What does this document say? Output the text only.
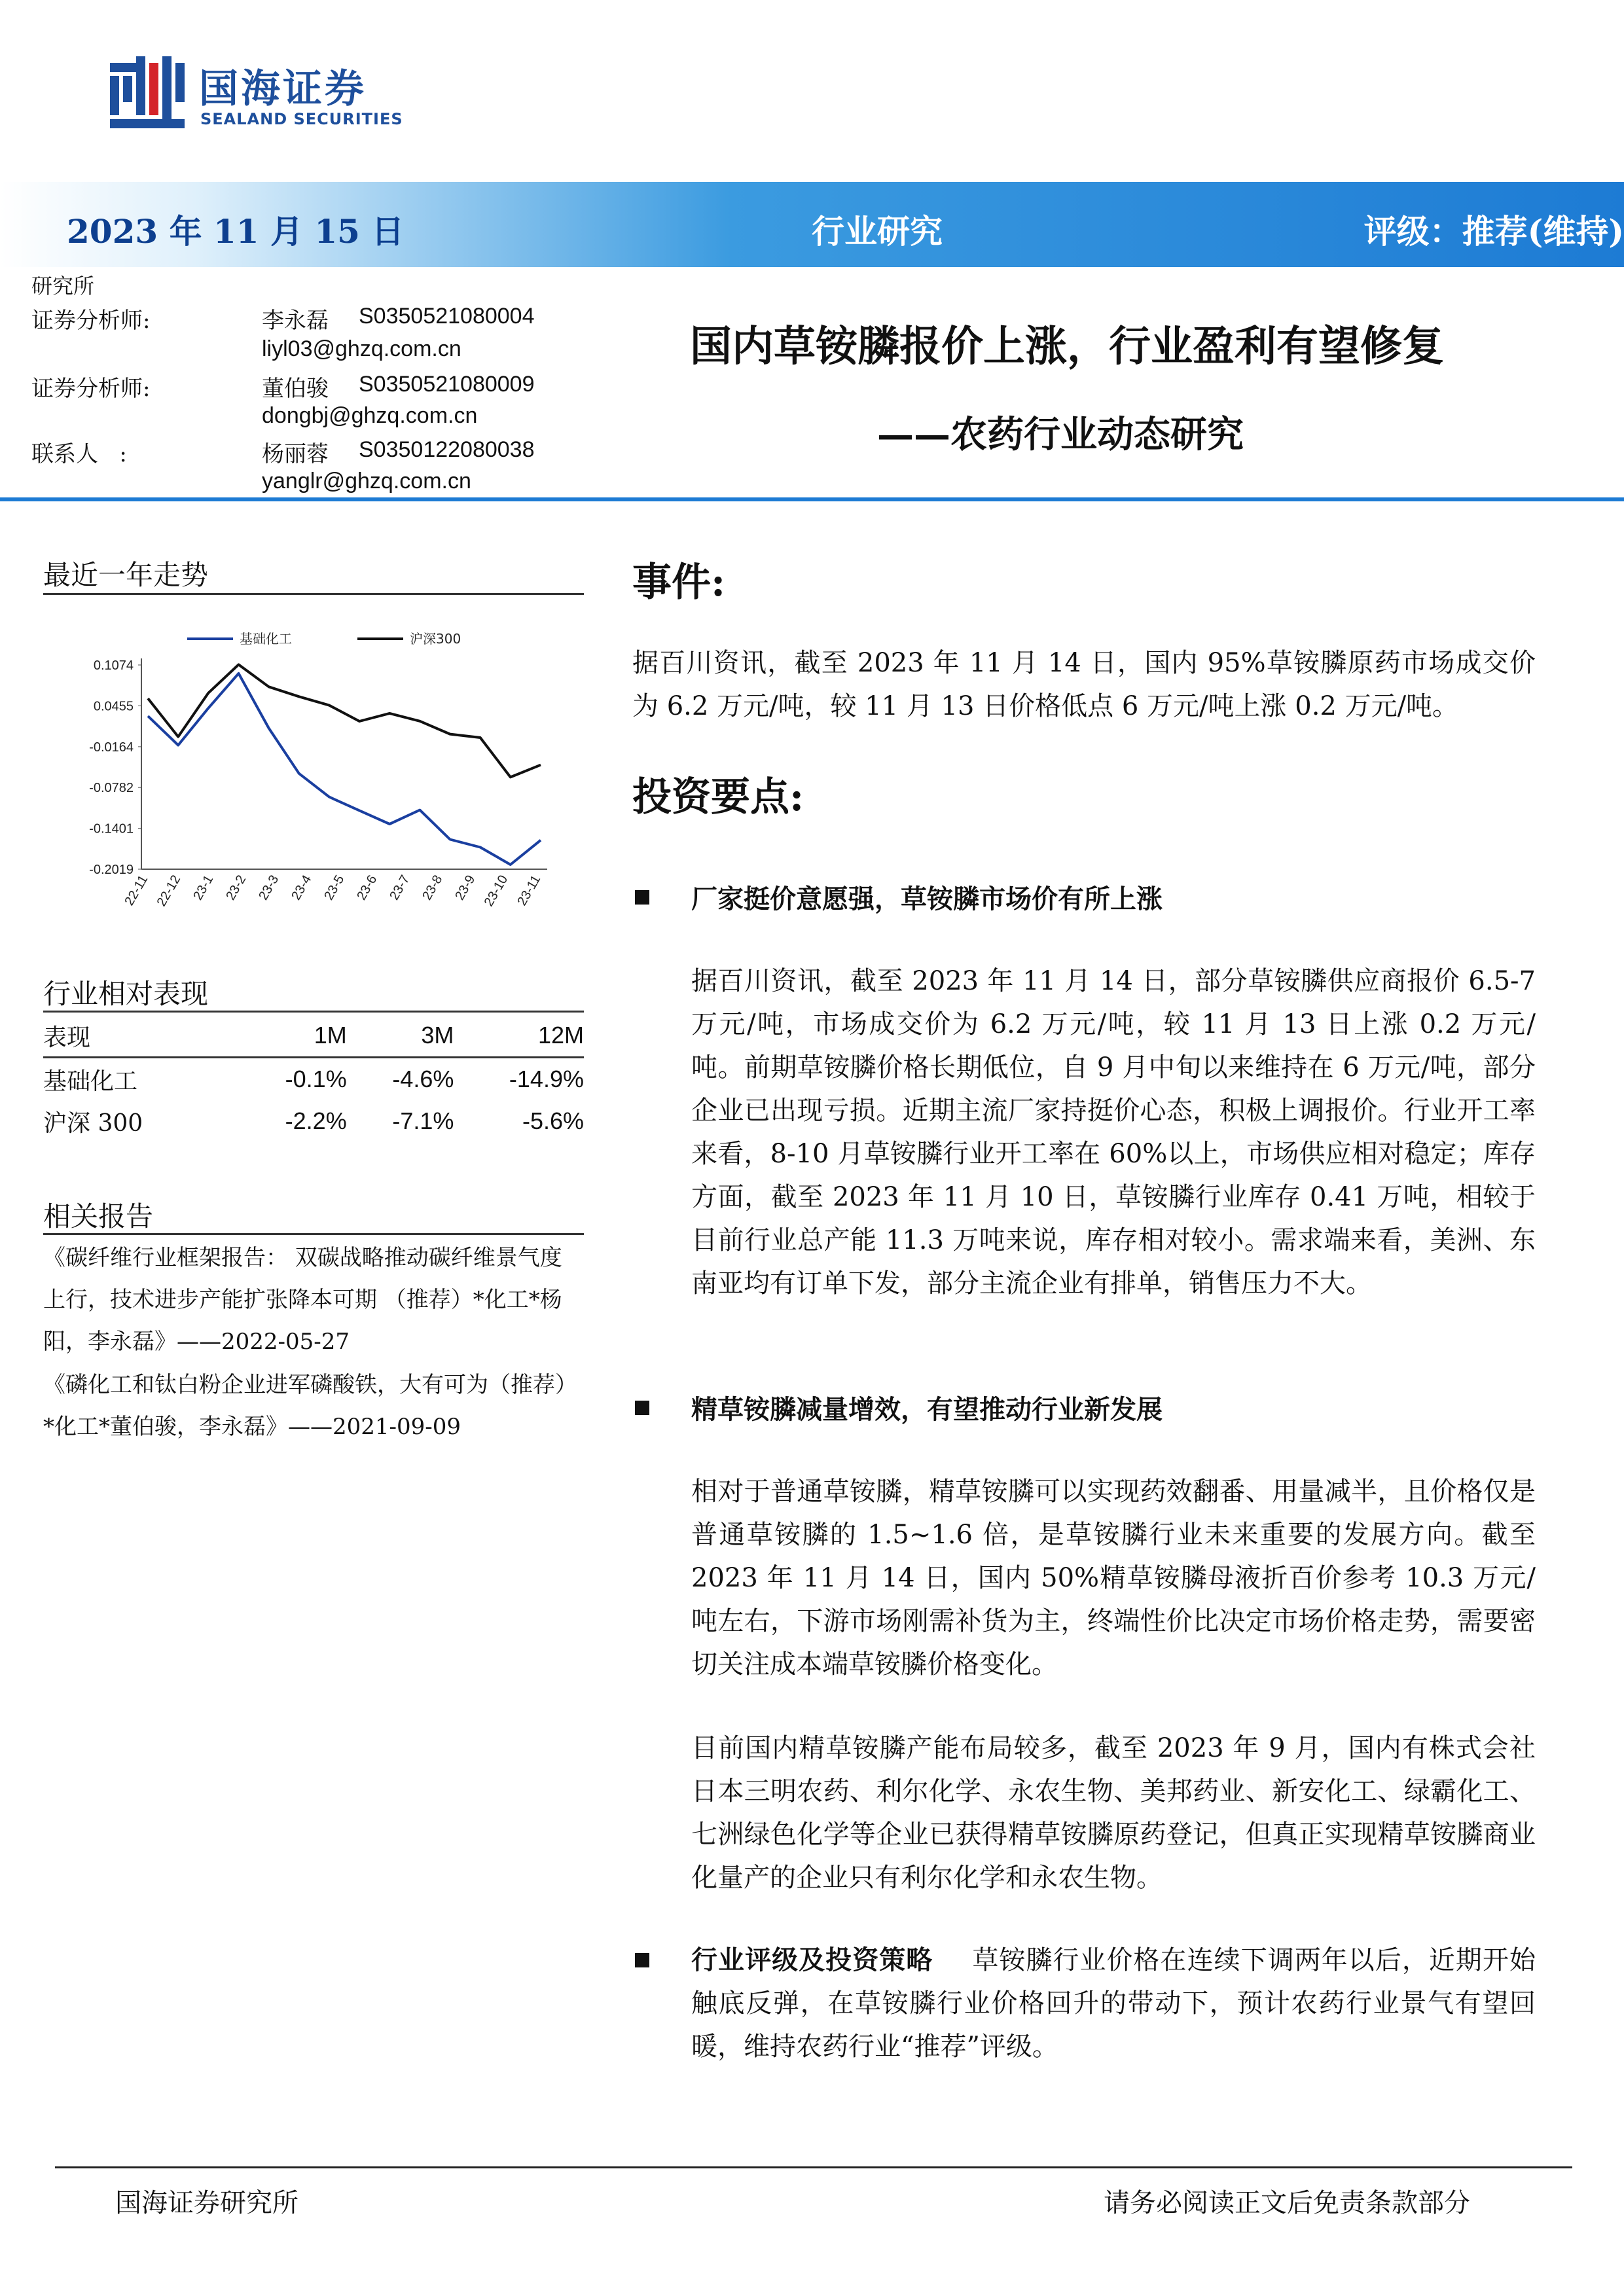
国海证券
SEALAND SECURITIES
2023 年 11 月 15 日	行业研究	评级：推荐(维持)
研究所
证券分析师:	李永磊 S0350521080004
liyl03@ghzq.com.cn
证券分析师:	董伯骏 S0350521080009
dongbj@ghzq.com.cn
联系人   :	杨丽蓉 S0350122080038
yanglr@ghzq.com.cn
国内草铵膦报价上涨，行业盈利有望修复
——农药行业动态研究
最近一年走势
基础化工	沪深300
0.1074
0.0455
-0.0164
-0.0782
-0.1401
-0.2019
22-11 22-12 23-1 23-2 23-3 23-4 23-5 23-6 23-7 23-8 23-9 23-10 23-11
行业相对表现
表现	1M	3M	12M
基础化工	-0.1%	-4.6%	-14.9%
沪深 300	-2.2%	-7.1%	-5.6%
相关报告
《碳纤维行业框架报告： 双碳战略推动碳纤维景气度上行，技术进步产能扩张降本可期 （推荐）*化工*杨阳，李永磊》——2022-05-27
《磷化工和钛白粉企业进军磷酸铁，大有可为（推荐）*化工*董伯骏，李永磊》——2021-09-09
事件:
据百川资讯，截至 2023 年 11 月 14 日，国内 95%草铵膦原药市场成交价为 6.2 万元/吨，较 11 月 13 日价格低点 6 万元/吨上涨 0.2 万元/吨。
投资要点:
厂家挺价意愿强，草铵膦市场价有所上涨
据百川资讯，截至 2023 年 11 月 14 日，部分草铵膦供应商报价 6.5-7 万元/吨，市场成交价为 6.2 万元/吨，较 11 月 13 日上涨 0.2 万元/吨。前期草铵膦价格长期低位，自 9 月中旬以来维持在 6 万元/吨，部分企业已出现亏损。近期主流厂家持挺价心态，积极上调报价。行业开工率来看，8-10 月草铵膦行业开工率在 60%以上，市场供应相对稳定；库存方面，截至 2023 年 11 月 10 日，草铵膦行业库存 0.41 万吨，相较于目前行业总产能 11.3 万吨来说，库存相对较小。需求端来看，美洲、东南亚均有订单下发，部分主流企业有排单，销售压力不大。
精草铵膦减量增效，有望推动行业新发展
相对于普通草铵膦，精草铵膦可以实现药效翻番、用量减半，且价格仅是普通草铵膦的 1.5~1.6 倍，是草铵膦行业未来重要的发展方向。截至 2023 年 11 月 14 日，国内 50%精草铵膦母液折百价参考 10.3 万元/吨左右，下游市场刚需补货为主，终端性价比决定市场价格走势，需要密切关注成本端草铵膦价格变化。
目前国内精草铵膦产能布局较多，截至 2023 年 9 月，国内有株式会社日本三明农药、利尔化学、永农生物、美邦药业、新安化工、绿霸化工、七洲绿色化学等企业已获得精草铵膦原药登记，但真正实现精草铵膦商业化量产的企业只有利尔化学和永农生物。
行业评级及投资策略 草铵膦行业价格在连续下调两年以后，近期开始触底反弹，在草铵膦行业价格回升的带动下，预计农药行业景气有望回暖，维持农药行业“推荐”评级。
国海证券研究所	请务必阅读正文后免责条款部分
